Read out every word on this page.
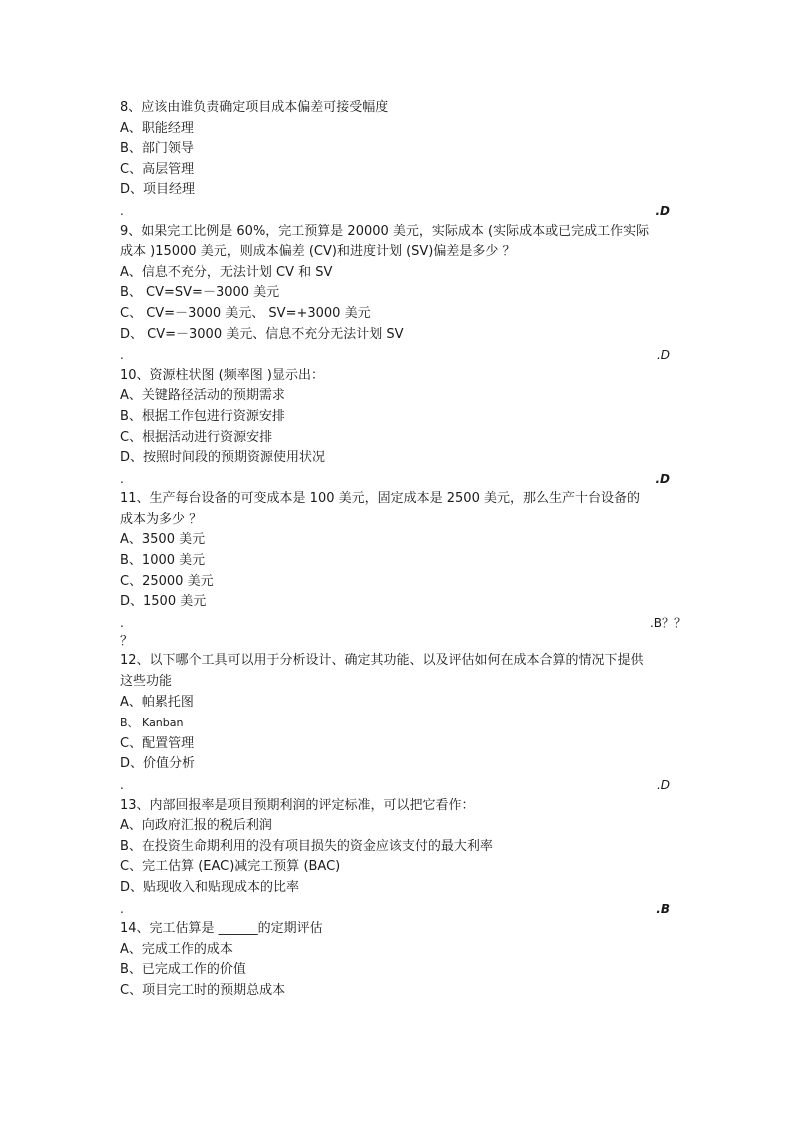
8、应该由谁负责确定项目成本偏差可接受幅度
A、职能经理
B、部门领导
C、高层管理
D、项目经理
.	.D
9、如果完工比例是 60%，完工预算是 20000 美元，实际成本 (实际成本或已完成工作实际
成本 )15000 美元，则成本偏差 (CV)和进度计划 (SV)偏差是多少 ？
A、信息不充分，无法计划 CV 和 SV
B、 CV=SV=－3000 美元
C、 CV=－3000 美元、 SV=+3000 美元
D、 CV=－3000 美元、信息不充分无法计划 SV
.	.D
10、资源柱状图 (频率图 )显示出：
A、关键路径活动的预期需求
B、根据工作包进行资源安排
C、根据活动进行资源安排
D、按照时间段的预期资源使用状况
.	.D
11、生产每台设备的可变成本是 100 美元，固定成本是 2500 美元，那么生产十台设备的
成本为多少 ？
A、3500 美元
B、1000 美元
C、25000 美元
D、1500 美元
.	.B？？
？
12、以下哪个工具可以用于分析设计、确定其功能、以及评估如何在成本合算的情况下提供
这些功能
A、帕累托图
B、 Kanban
C、配置管理
D、价值分析
.	.D
13、内部回报率是项目预期利润的评定标准，可以把它看作：
A、向政府汇报的税后利润
B、在投资生命期利用的没有项目损失的资金应该支付的最大利率
C、完工估算 (EAC)减完工预算 (BAC)
D、贴现收入和贴现成本的比率
.	.B
14、完工估算是 ______的定期评估
A、完成工作的成本
B、已完成工作的价值
C、项目完工时的预期总成本
